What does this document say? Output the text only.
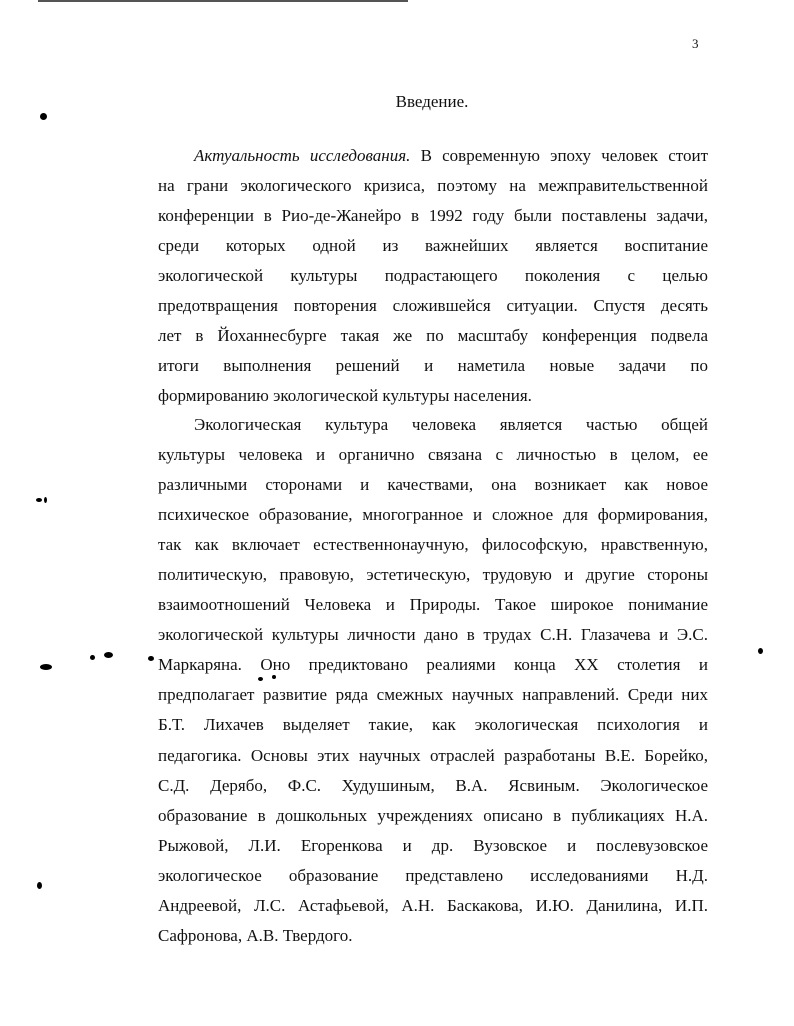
3
Введение.
Актуальность исследования. В современную эпоху человек стоит
на грани экологического кризиса, поэтому на межправительственной
конференции в Рио-де-Жанейро в 1992 году были поставлены задачи,
среди которых одной из важнейших является воспитание
экологической культуры подрастающего поколения с целью
предотвращения повторения сложившейся ситуации. Спустя десять
лет в Йоханнесбурге такая же по масштабу конференция подвела
итоги выполнения решений и наметила новые задачи по
формированию экологической культуры населения.
Экологическая культура человека является частью общей
культуры человека и органично связана с личностью в целом, ее
различными сторонами и качествами, она возникает как новое
психическое образование, многогранное и сложное для формирования,
так как включает естественнонаучную, философскую, нравственную,
политическую, правовую, эстетическую, трудовую и другие стороны
взаимоотношений Человека и Природы. Такое широкое понимание
экологической культуры личности дано в трудах С.Н. Глазачева и Э.С.
Маркаряна. Оно предиктовано реалиями конца XX столетия и
предполагает развитие ряда смежных научных направлений. Среди них
Б.Т. Лихачев выделяет такие, как экологическая психология и
педагогика. Основы этих научных отраслей разработаны В.Е. Борейко,
С.Д. Дерябо, Ф.С. Худушиным, В.А. Ясвиным. Экологическое
образование в дошкольных учреждениях описано в публикациях Н.А.
Рыжовой, Л.И. Егоренкова и др. Вузовское и послевузовское
экологическое образование представлено исследованиями Н.Д.
Андреевой, Л.С. Астафьевой, А.Н. Баскакова, И.Ю. Данилина, И.П.
Сафронова, А.В. Твердого.
